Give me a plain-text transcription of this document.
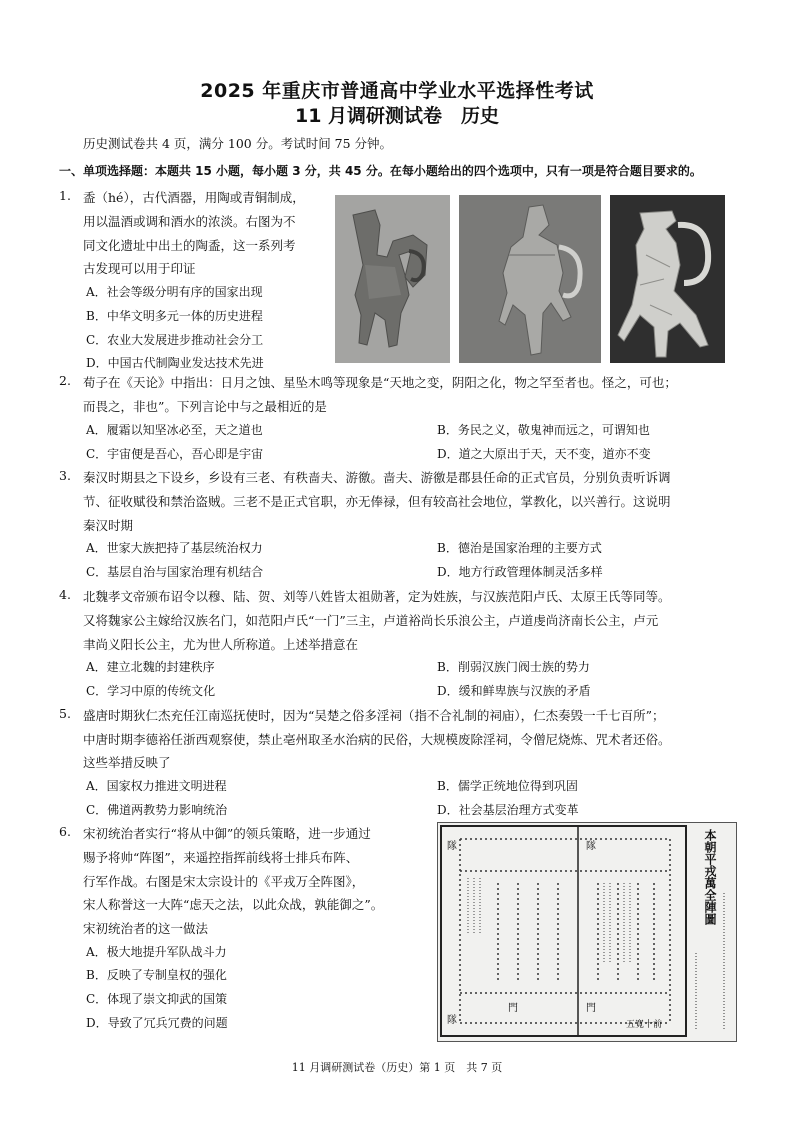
2025 年重庆市普通高中学业水平选择性考试
11 月调研测试卷　历史
历史测试卷共 4 页，满分 100 分。考试时间 75 分钟。
一、单项选择题：本题共 15 小题，每小题 3 分，共 45 分。在每小题给出的四个选项中，只有一项是符合题目要求的。
1. 盉（hé），古代酒器，用陶或青铜制成，
用以温酒或调和酒水的浓淡。右图为不
同文化遗址中出土的陶盉，这一系列考
古发现可以用于印证
A．社会等级分明有序的国家出现
B．中华文明多元一体的历史进程
C．农业大发展进步推动社会分工
D．中国古代制陶业发达技术先进
2. 荀子在《天论》中指出：日月之蚀、星坠木鸣等现象是“天地之变，阴阳之化，物之罕至者也。怪之，可也；
而畏之，非也”。下列言论中与之最相近的是
A．履霜以知坚冰必至，天之道也	B．务民之义，敬鬼神而远之，可谓知也
C．宇宙便是吾心，吾心即是宇宙	D．道之大原出于天，天不变，道亦不变
3. 秦汉时期县之下设乡，乡设有三老、有秩啬夫、游徼。啬夫、游徼是郡县任命的正式官员，分别负责听诉调
节、征收赋役和禁治盗贼。三老不是正式官职，亦无俸禄，但有较高社会地位，掌教化，以兴善行。这说明
秦汉时期
A．世家大族把持了基层统治权力	B．德治是国家治理的主要方式
C．基层自治与国家治理有机结合	D．地方行政管理体制灵活多样
4. 北魏孝文帝颁布诏令以穆、陆、贺、刘等八姓皆太祖勋著，定为姓族，与汉族范阳卢氏、太原王氏等同等。
又将魏家公主嫁给汉族名门，如范阳卢氏“一门”三主，卢道裕尚长乐浪公主，卢道虔尚济南长公主，卢元
聿尚义阳长公主，尤为世人所称道。上述举措意在
A．建立北魏的封建秩序	B．削弱汉族门阀士族的势力
C．学习中原的传统文化	D．缓和鲜卑族与汉族的矛盾
5. 盛唐时期狄仁杰充任江南巡抚使时，因为“吴楚之俗多淫祠（指不合礼制的祠庙），仁杰奏毁一千七百所”；
中唐时期李德裕任浙西观察使，禁止亳州取圣水治病的民俗，大规模废除淫祠，令僧尼烧炼、咒术者还俗。
这些举措反映了
A．国家权力推进文明进程	B．儒学正统地位得到巩固
C．佛道两教势力影响统治	D．社会基层治理方式变革
6. 宋初统治者实行“将从中御”的领兵策略，进一步通过
赐予将帅“阵图”，来遥控指挥前线将士排兵布阵、
行军作战。右图是宋太宗设计的《平戎万全阵图》，
宋人称誉这一大阵“虑天之法，以此众战，孰能御之”。
宋初统治者的这一做法
A．极大地提升军队战斗力
B．反映了专制皇权的强化
C．体现了崇文抑武的国策
D．导致了冗兵冗费的问题
隊
隊
隊
門
門
五寬十前
本朝平戎萬全陣圖
11 月调研测试卷（历史）第 1 页　共 7 页
